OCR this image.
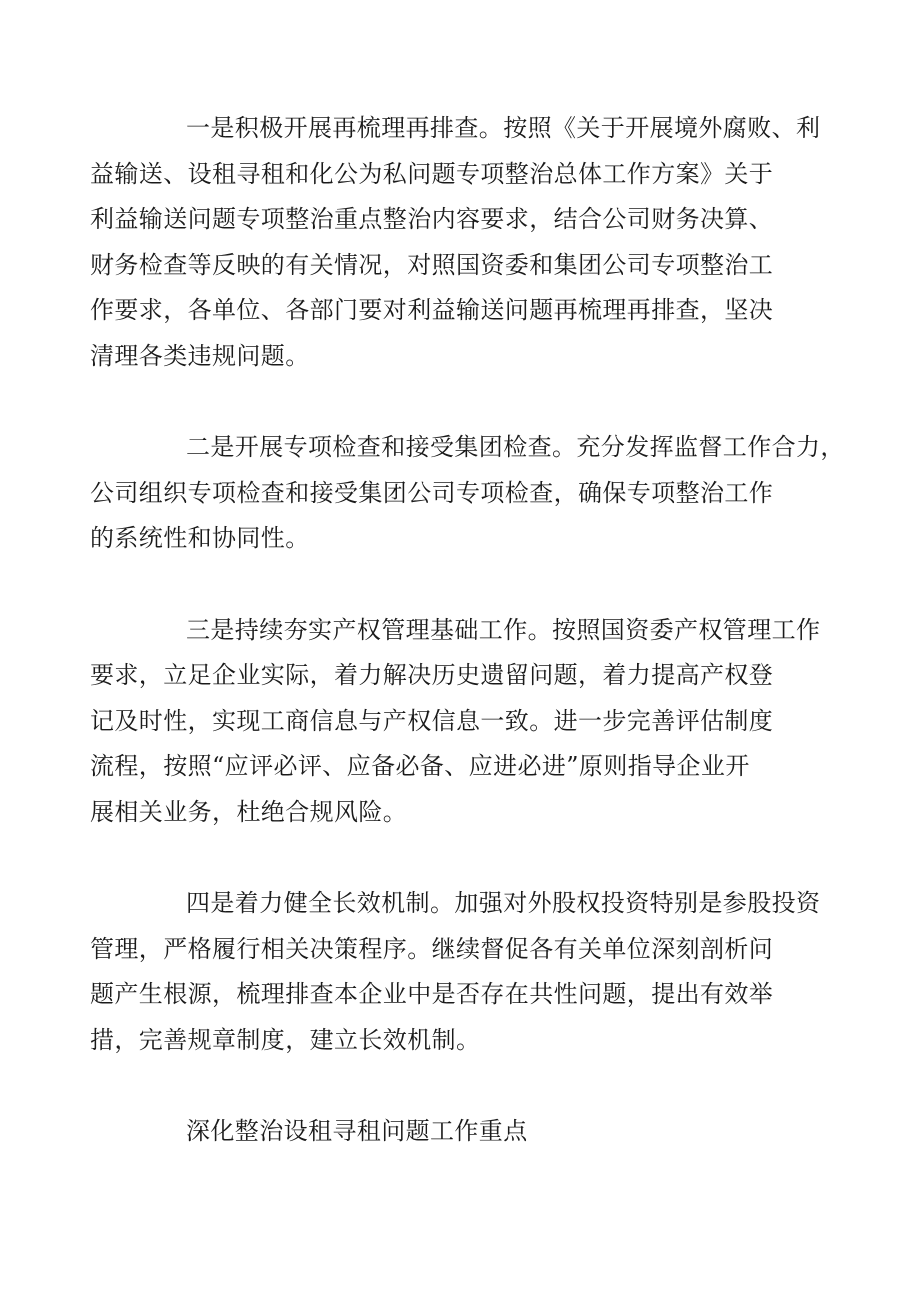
一是积极开展再梳理再排查。按照《关于开展境外腐败、利
益输送、设租寻租和化公为私问题专项整治总体工作方案》关于
利益输送问题专项整治重点整治内容要求，结合公司财务决算、
财务检查等反映的有关情况，对照国资委和集团公司专项整治工
作要求，各单位、各部门要对利益输送问题再梳理再排查，坚决
清理各类违规问题。

二是开展专项检查和接受集团检查。充分发挥监督工作合力，
公司组织专项检查和接受集团公司专项检查，确保专项整治工作
的系统性和协同性。

三是持续夯实产权管理基础工作。按照国资委产权管理工作
要求，立足企业实际，着力解决历史遗留问题，着力提高产权登
记及时性，实现工商信息与产权信息一致。进一步完善评估制度
流程，按照“应评必评、应备必备、应进必进”原则指导企业开
展相关业务，杜绝合规风险。

四是着力健全长效机制。加强对外股权投资特别是参股投资
管理，严格履行相关决策程序。继续督促各有关单位深刻剖析问
题产生根源，梳理排查本企业中是否存在共性问题，提出有效举
措，完善规章制度，建立长效机制。

深化整治设租寻租问题工作重点
